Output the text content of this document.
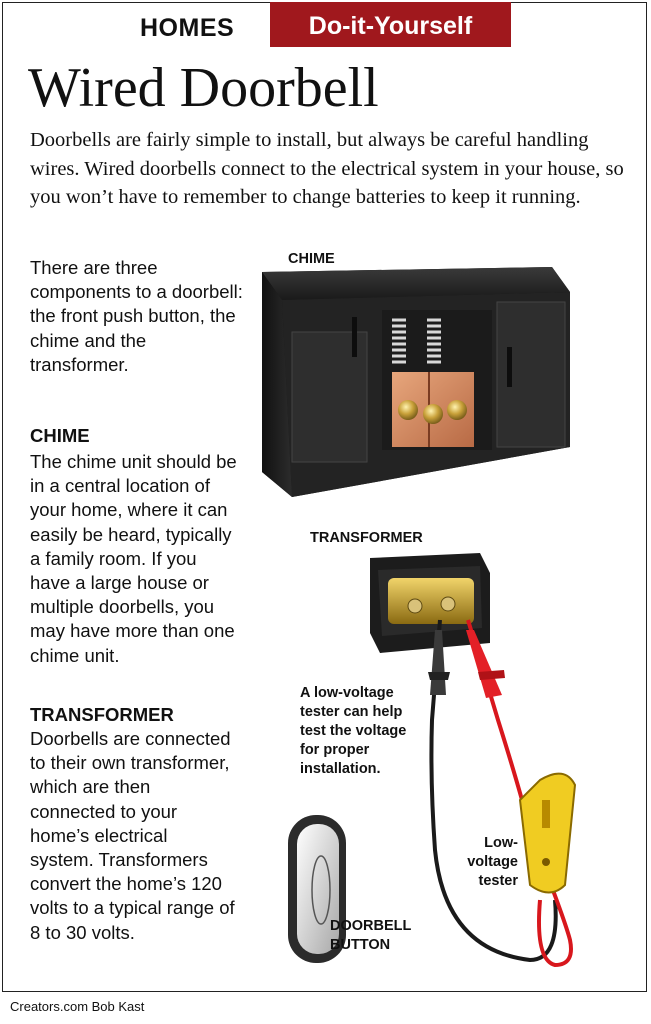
HOMES	Do-it-Yourself
Wired Doorbell

Doorbells are fairly simple to install, but always be careful handling wires. Wired doorbells connect to the electrical system in your house, so you won’t have to remember to change batteries to keep it running.

There are three components to a doorbell: the front push button, the chime and the transformer.

CHIME

The chime unit should be in a central location of your home, where it can easily be heard, typically a family room. If you have a large house or multiple doorbells, you may have more than one chime unit.

TRANSFORMER

Doorbells are connected to their own transformer, which are then connected to your home’s electrical system. Transformers convert the home’s 120 volts to a typical range of 8 to 30 volts.

CHIME

TRANSFORMER

A low-voltage tester can help test the voltage for proper installation.

Low-voltage tester

DOORBELL BUTTON

Creators.com Bob Kast
